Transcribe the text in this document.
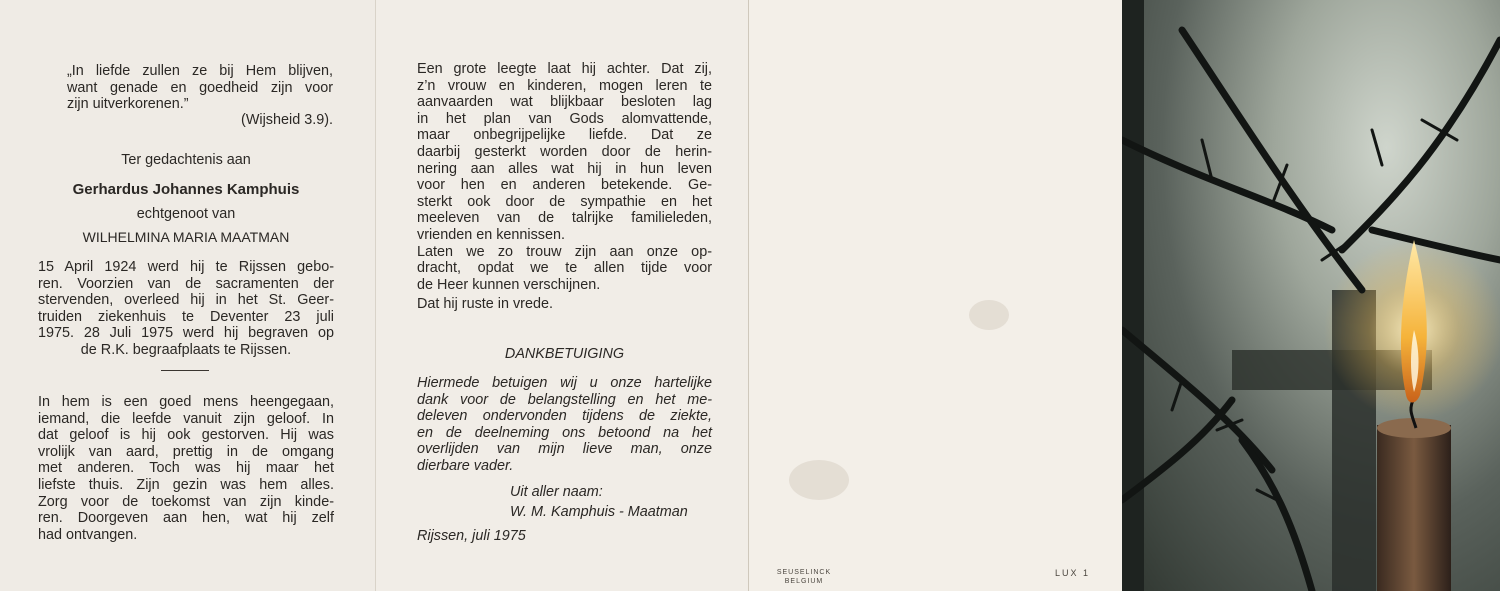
„In liefde zullen ze bij Hem blijven,
want genade en goedheid zijn voor
zijn uitverkorenen.”
(Wijsheid 3.9).
Ter gedachtenis aan
Gerhardus Johannes Kamphuis
echtgenoot van
WILHELMINA MARIA MAATMAN
15 April 1924 werd hij te Rijssen gebo-
ren. Voorzien van de sacramenten der
stervenden, overleed hij in het St. Geer-
truiden ziekenhuis te Deventer 23 juli
1975. 28 Juli 1975 werd hij begraven op
de R.K. begraafplaats te Rijssen.
In hem is een goed mens heengegaan,
iemand, die leefde vanuit zijn geloof. In
dat geloof is hij ook gestorven. Hij was
vrolijk van aard, prettig in de omgang
met anderen. Toch was hij maar het
liefste thuis. Zijn gezin was hem alles.
Zorg voor de toekomst van zijn kinde-
ren. Doorgeven aan hen, wat hij zelf
had ontvangen.
Een grote leegte laat hij achter. Dat zij,
z’n vrouw en kinderen, mogen leren te
aanvaarden wat blijkbaar besloten lag
in het plan van Gods alomvattende,
maar onbegrijpelijke liefde. Dat ze
daarbij gesterkt worden door de herin-
nering aan alles wat hij in hun leven
voor hen en anderen betekende. Ge-
sterkt ook door de sympathie en het
meeleven van de talrijke familieleden,
vrienden en kennissen.
Laten we zo trouw zijn aan onze op-
dracht, opdat we te allen tijde voor
de Heer kunnen verschijnen.
Dat hij ruste in vrede.
DANKBETUIGING
Hiermede betuigen wij u onze hartelijke
dank voor de belangstelling en het me-
deleven ondervonden tijdens de ziekte,
en de deelneming ons betoond na het
overlijden van mijn lieve man, onze
dierbare vader.
Uit aller naam:
W. M. Kamphuis - Maatman
Rijssen, juli 1975
SEUSELINCK
BELGIUM
LUX 1
